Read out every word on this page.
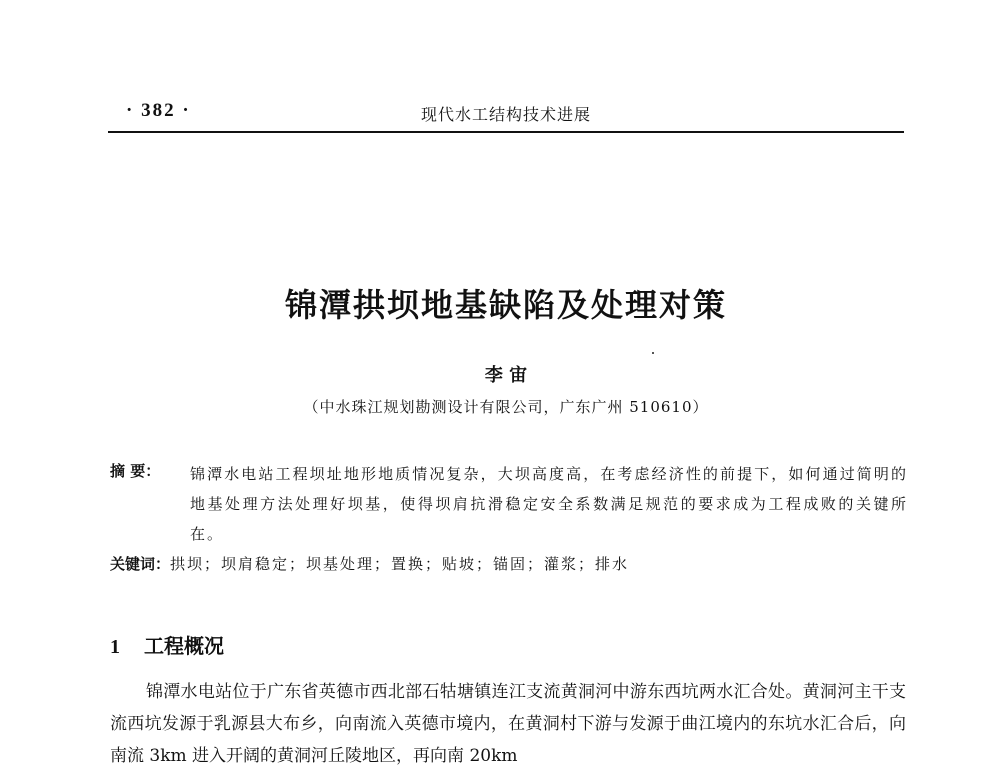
· 382 ·	现代水工结构技术进展
锦潭拱坝地基缺陷及处理对策
李 宙
（中水珠江规划勘测设计有限公司，广东广州 510610）
摘 要： 锦潭水电站工程坝址地形地质情况复杂，大坝高度高，在考虑经济性的前提下，如何通过简明的地基处理方法处理好坝基，使得坝肩抗滑稳定安全系数满足规范的要求成为工程成败的关键所在。
关键词：拱坝；坝肩稳定；坝基处理；置换；贴坡；锚固；灌浆；排水
1 工程概况
锦潭水电站位于广东省英德市西北部石牯塘镇连江支流黄洞河中游东西坑两水汇合处。黄洞河主干支流西坑发源于乳源县大布乡，向南流入英德市境内，在黄洞村下游与发源于曲江境内的东坑水汇合后，向南流 3km 进入开阔的黄洞河丘陵地区，再向南 20km
